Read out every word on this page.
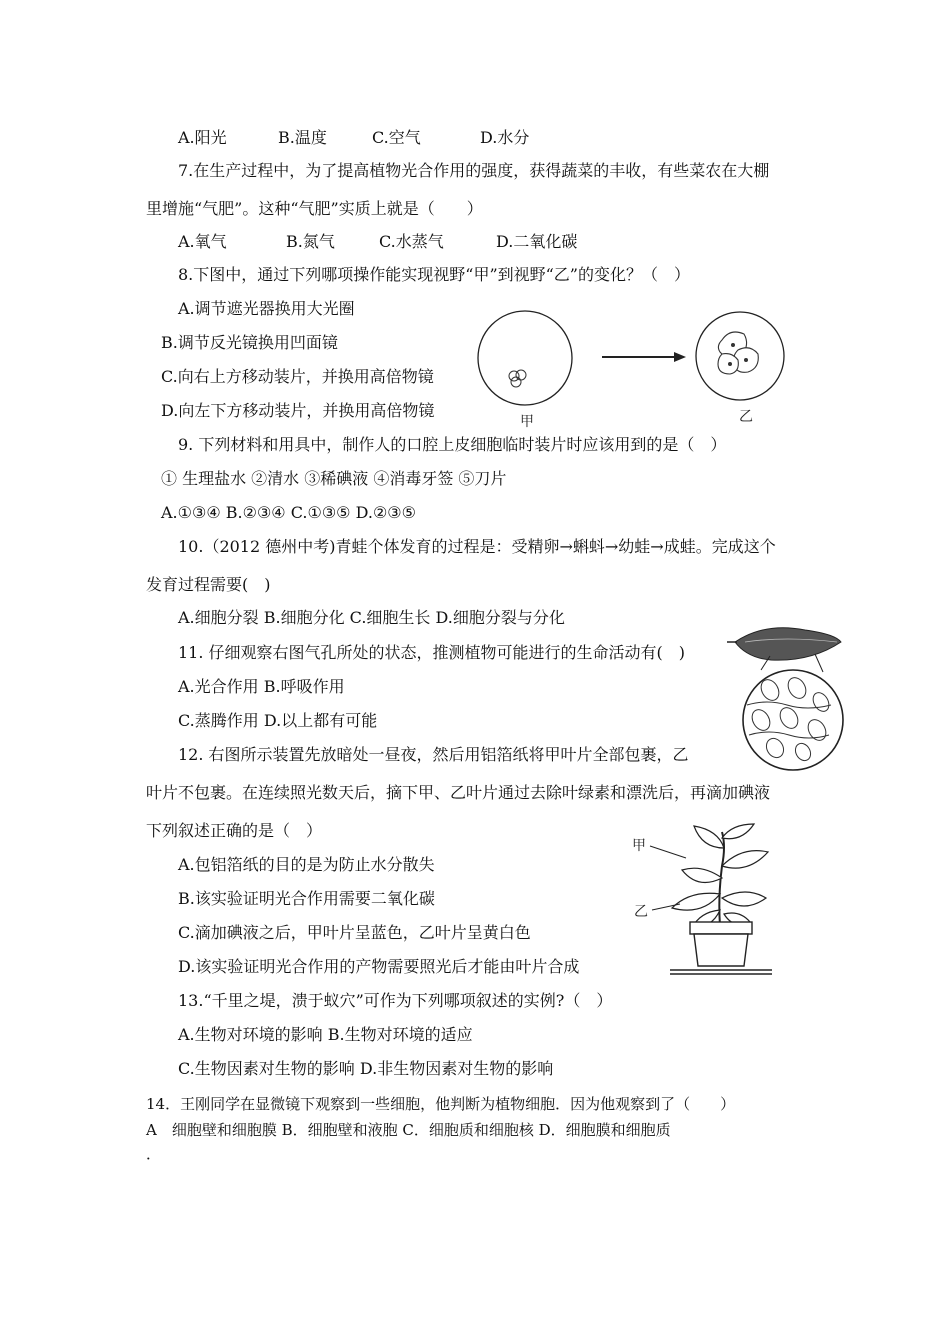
A.阳光	B.温度	C.空气	D.水分
7.在生产过程中，为了提高植物光合作用的强度，获得蔬菜的丰收，有些菜农在大棚
里增施“气肥”。这种“气肥”实质上就是（　　）
A.氧气	B.氮气	C.水蒸气	D.二氧化碳
8.下图中，通过下列哪项操作能实现视野“甲”到视野“乙”的变化？（　）
A.调节遮光器换用大光圈
B.调节反光镜换用凹面镜
C.向右上方移动装片，并换用高倍物镜
D.向左下方移动装片，并换用高倍物镜
甲	乙
9. 下列材料和用具中，制作人的口腔上皮细胞临时装片时应该用到的是（　）
① 生理盐水 ②清水 ③稀碘液 ④消毒牙签 ⑤刀片
A.①③④ B.②③④ C.①③⑤ D.②③⑤
10.（2012 德州中考)青蛙个体发育的过程是：受精卵→蝌蚪→幼蛙→成蛙。完成这个
发育过程需要(　)
A.细胞分裂 B.细胞分化 C.细胞生长 D.细胞分裂与分化
11. 仔细观察右图气孔所处的状态，推测植物可能进行的生命活动有(　)
A.光合作用 B.呼吸作用
C.蒸腾作用 D.以上都有可能
12. 右图所示装置先放暗处一昼夜，然后用铝箔纸将甲叶片全部包裹，乙
叶片不包裹。在连续照光数天后，摘下甲、乙叶片通过去除叶绿素和漂洗后，再滴加碘液
下列叙述正确的是（　）
A.包铝箔纸的目的是为防止水分散失
B.该实验证明光合作用需要二氧化碳
C.滴加碘液之后，甲叶片呈蓝色，乙叶片呈黄白色
D.该实验证明光合作用的产物需要照光后才能由叶片合成
甲
乙
13.“千里之堤，溃于蚁穴”可作为下列哪项叙述的实例?（　）
A.生物对环境的影响 B.生物对环境的适应
C.生物因素对生物的影响 D.非生物因素对生物的影响
14．王刚同学在显微镜下观察到一些细胞，他判断为植物细胞．因为他观察到了（　　）
A　细胞壁和细胞膜 B．细胞壁和液胞 C．细胞质和细胞核 D．细胞膜和细胞质
．
